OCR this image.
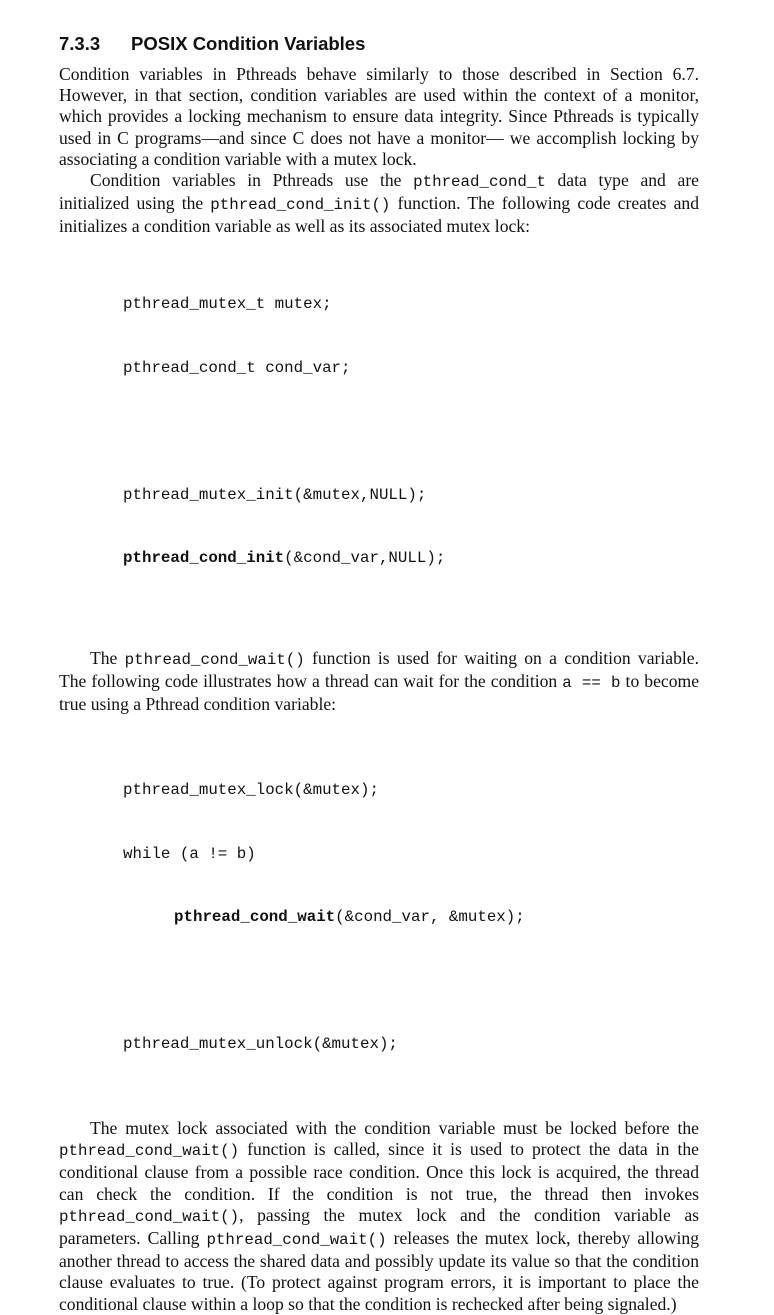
7.3.3 POSIX Condition Variables

Condition variables in Pthreads behave similarly to those described in Section 6.7. However, in that section, condition variables are used within the context of a monitor, which provides a locking mechanism to ensure data integrity. Since Pthreads is typically used in C programs—and since C does not have a monitor— we accomplish locking by associating a condition variable with a mutex lock.

Condition variables in Pthreads use the pthread_cond_t data type and are initialized using the pthread_cond_init() function. The following code creates and initializes a condition variable as well as its associated mutex lock:

pthread_mutex_t mutex;

pthread_cond_t cond_var;

pthread_mutex_init(&mutex,NULL);

pthread_cond_init(&cond_var,NULL);

The pthread_cond_wait() function is used for waiting on a condition variable. The following code illustrates how a thread can wait for the condition a == b to become true using a Pthread condition variable:

pthread_mutex_lock(&mutex);

while (a != b)

pthread_cond_wait(&cond_var, &mutex);

pthread_mutex_unlock(&mutex);

The mutex lock associated with the condition variable must be locked before the pthread_cond_wait() function is called, since it is used to protect the data in the conditional clause from a possible race condition. Once this lock is acquired, the thread can check the condition. If the condition is not true, the thread then invokes pthread_cond_wait(), passing the mutex lock and the condition variable as parameters. Calling pthread_cond_wait() releases the mutex lock, thereby allowing another thread to access the shared data and possibly update its value so that the condition clause evaluates to true. (To protect against program errors, it is important to place the conditional clause within a loop so that the condition is rechecked after being signaled.)
